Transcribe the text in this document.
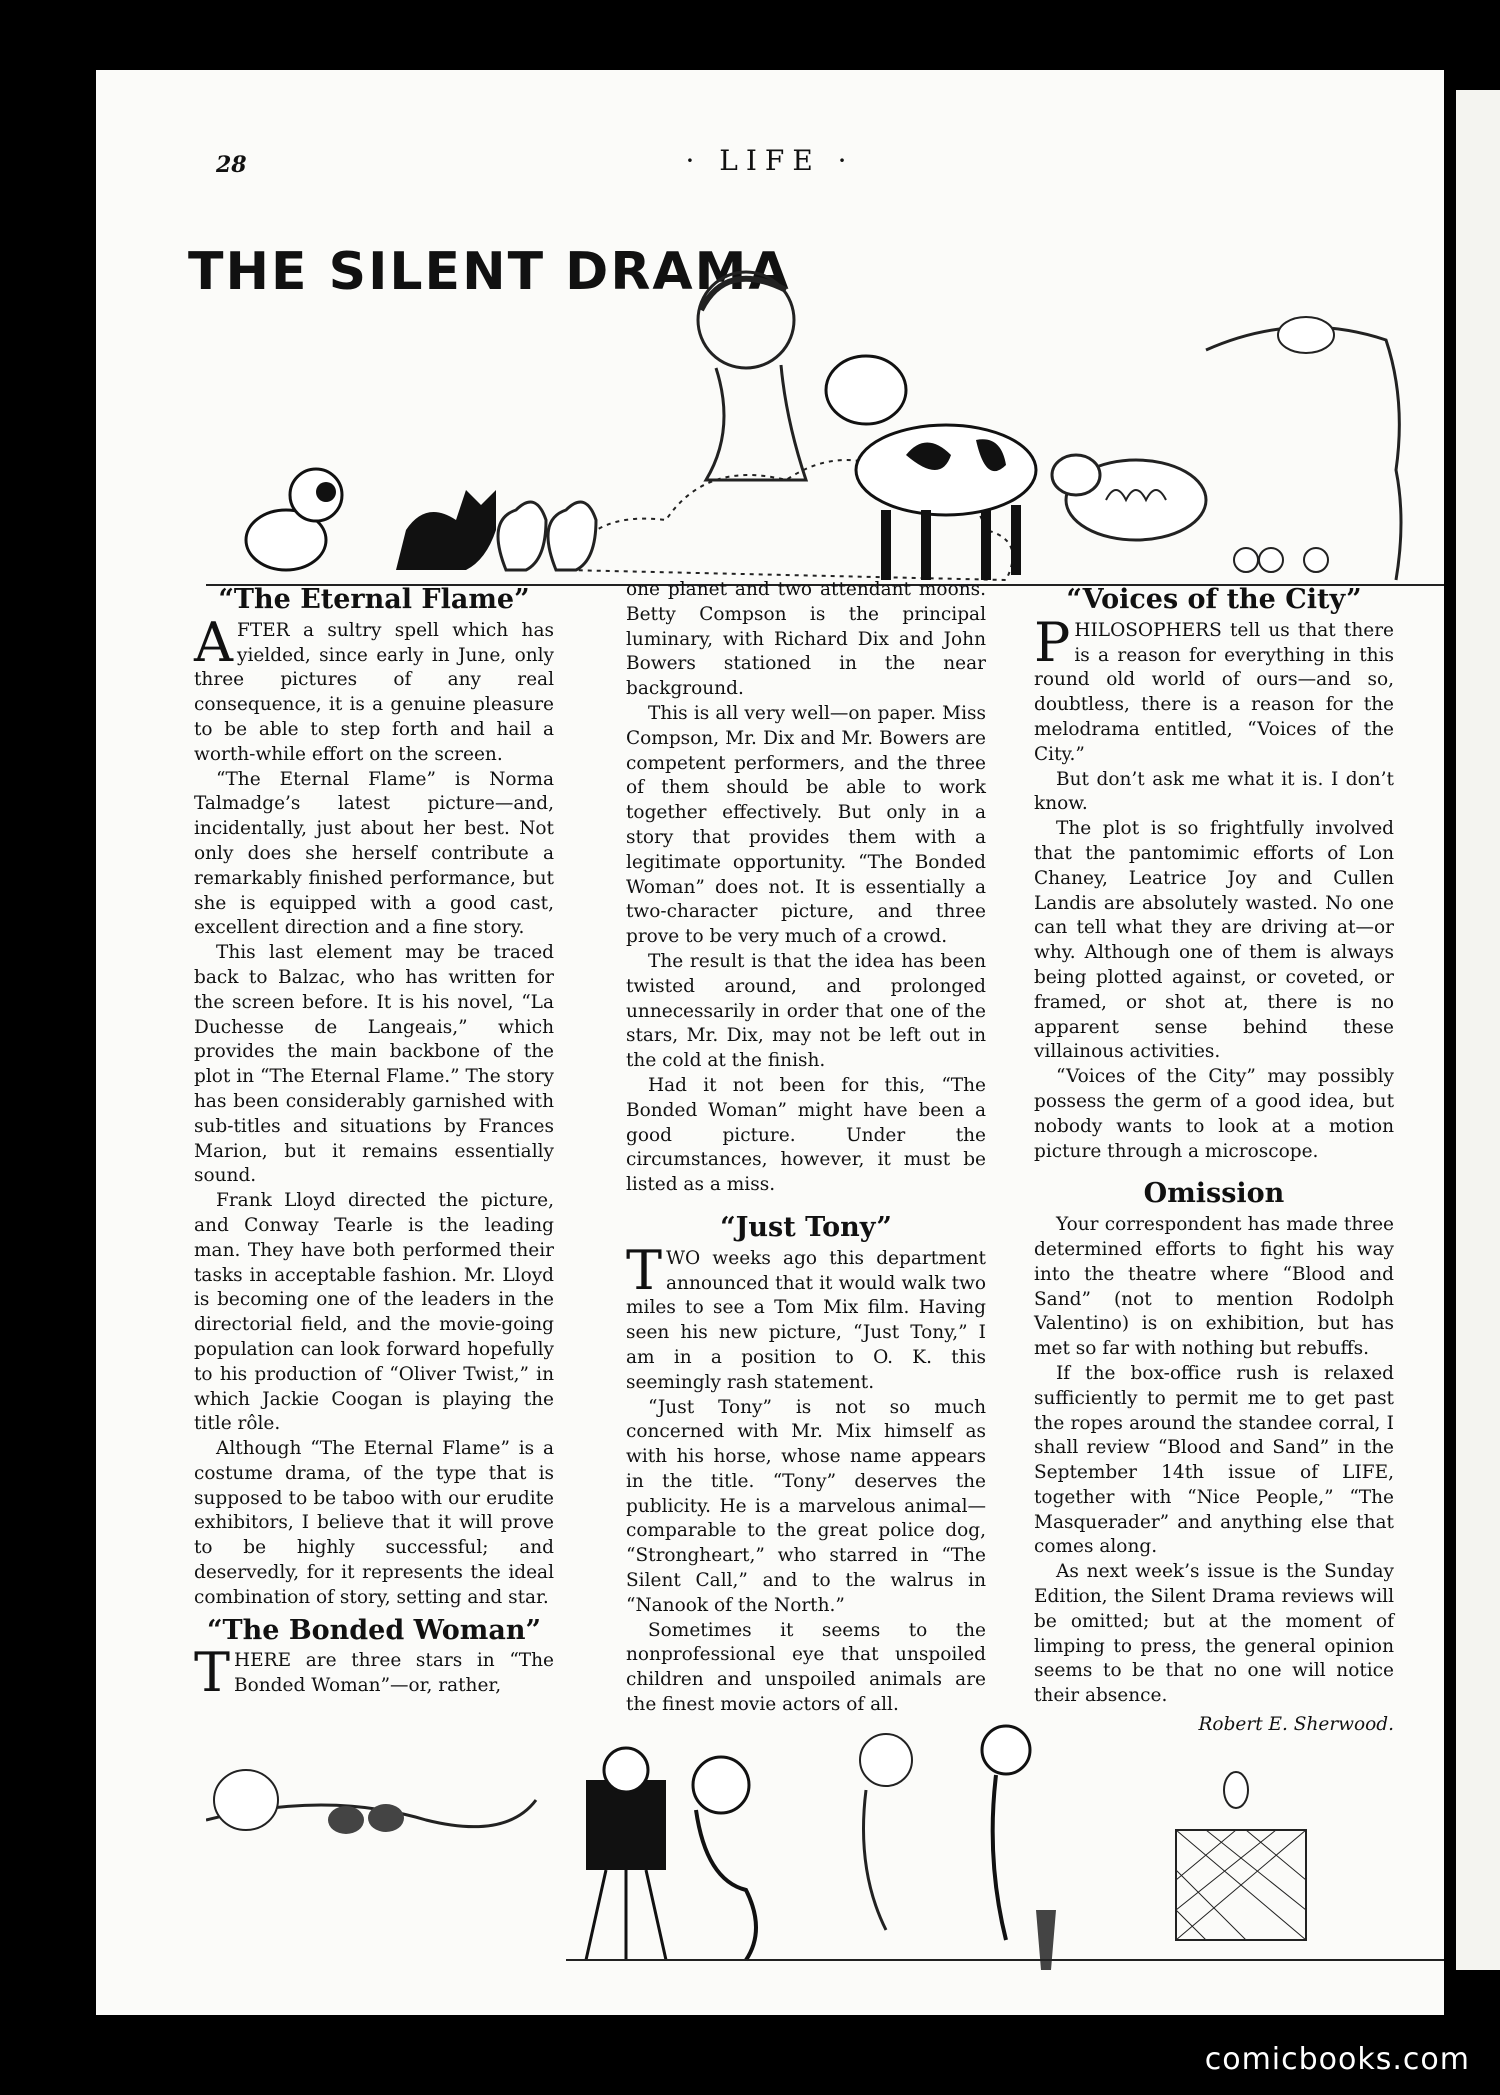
28	· LIFE ·
THE SILENT DRAMA
“The Eternal Flame”

AFTER a sultry spell which has yielded, since early in June, only three pictures of any real consequence, it is a genuine pleasure to be able to step forth and hail a worth-while effort on the screen.

“The Eternal Flame” is Norma Talmadge’s latest picture—and, incidentally, just about her best. Not only does she herself contribute a remarkably finished performance, but she is equipped with a good cast, excellent direction and a fine story.

This last element may be traced back to Balzac, who has written for the screen before. It is his novel, “La Duchesse de Langeais,” which provides the main backbone of the plot in “The Eternal Flame.” The story has been considerably garnished with sub-titles and situations by Frances Marion, but it remains essentially sound.

Frank Lloyd directed the picture, and Conway Tearle is the leading man. They have both performed their tasks in acceptable fashion. Mr. Lloyd is becoming one of the leaders in the directorial field, and the movie-going population can look forward hopefully to his production of “Oliver Twist,” in which Jackie Coogan is playing the title rôle.

Although “The Eternal Flame” is a costume drama, of the type that is supposed to be taboo with our erudite exhibitors, I believe that it will prove to be highly successful; and deservedly, for it represents the ideal combination of story, setting and star.

“The Bonded Woman”

THERE are three stars in “The Bonded Woman”—or, rather,

one planet and two attendant moons. Betty Compson is the principal luminary, with Richard Dix and John Bowers stationed in the near background.

This is all very well—on paper. Miss Compson, Mr. Dix and Mr. Bowers are competent performers, and the three of them should be able to work together effectively. But only in a story that provides them with a legitimate opportunity. “The Bonded Woman” does not. It is essentially a two-character picture, and three prove to be very much of a crowd.

The result is that the idea has been twisted around, and prolonged unnecessarily in order that one of the stars, Mr. Dix, may not be left out in the cold at the finish.

Had it not been for this, “The Bonded Woman” might have been a good picture. Under the circumstances, however, it must be listed as a miss.

“Just Tony”

TWO weeks ago this department announced that it would walk two miles to see a Tom Mix film. Having seen his new picture, “Just Tony,” I am in a position to O. K. this seemingly rash statement.

“Just Tony” is not so much concerned with Mr. Mix himself as with his horse, whose name appears in the title. “Tony” deserves the publicity. He is a marvelous animal—comparable to the great police dog, “Strongheart,” who starred in “The Silent Call,” and to the walrus in “Nanook of the North.”

Sometimes it seems to the nonprofessional eye that unspoiled children and unspoiled animals are the finest movie actors of all.

“Voices of the City”

PHILOSOPHERS tell us that there is a reason for everything in this round old world of ours—and so, doubtless, there is a reason for the melodrama entitled, “Voices of the City.”

But don’t ask me what it is. I don’t know.

The plot is so frightfully involved that the pantomimic efforts of Lon Chaney, Leatrice Joy and Cullen Landis are absolutely wasted. No one can tell what they are driving at—or why. Although one of them is always being plotted against, or coveted, or framed, or shot at, there is no apparent sense behind these villainous activities.

“Voices of the City” may possibly possess the germ of a good idea, but nobody wants to look at a motion picture through a microscope.

Omission

Your correspondent has made three determined efforts to fight his way into the theatre where “Blood and Sand” (not to mention Rodolph Valentino) is on exhibition, but has met so far with nothing but rebuffs.

If the box-office rush is relaxed sufficiently to permit me to get past the ropes around the standee corral, I shall review “Blood and Sand” in the September 14th issue of LIFE, together with “Nice People,” “The Masquerader” and anything else that comes along.

As next week’s issue is the Sunday Edition, the Silent Drama reviews will be omitted; but at the moment of limping to press, the general opinion seems to be that no one will notice their absence.

Robert E. Sherwood.
comicbooks.com
